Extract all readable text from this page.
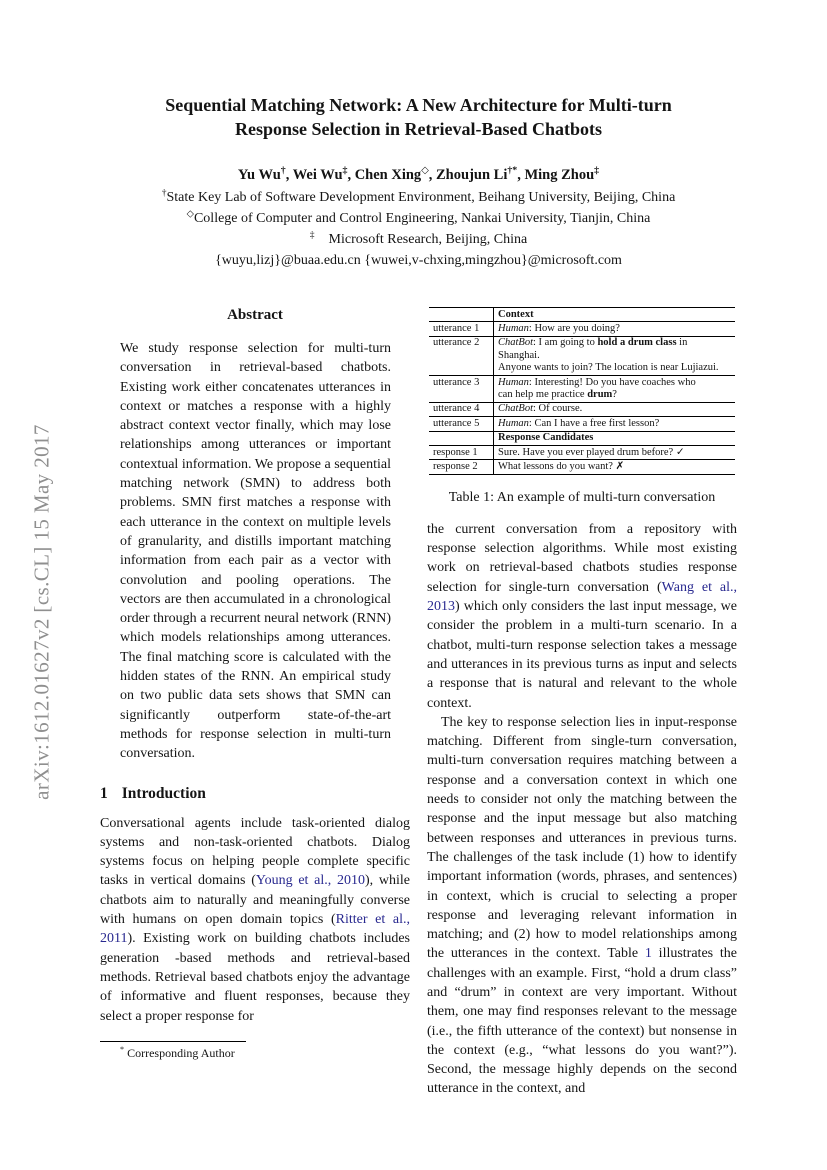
arXiv:1612.01627v2 [cs.CL] 15 May 2017
Sequential Matching Network: A New Architecture for Multi-turn
Response Selection in Retrieval-Based Chatbots
Yu Wu†, Wei Wu‡, Chen Xing◇, Zhoujun Li†*, Ming Zhou‡
†State Key Lab of Software Development Environment, Beihang University, Beijing, China
◇College of Computer and Control Engineering, Nankai University, Tianjin, China
‡    Microsoft Research, Beijing, China
{wuyu,lizj}@buaa.edu.cn {wuwei,v-chxing,mingzhou}@microsoft.com
Abstract

We study response selection for multi-turn conversation in retrieval-based chatbots. Existing work either concatenates utterances in context or matches a response with a highly abstract context vector finally, which may lose relationships among utterances or important contextual information. We propose a sequential matching network (SMN) to address both problems. SMN first matches a response with each utterance in the context on multiple levels of granularity, and distills important matching information from each pair as a vector with convolution and pooling operations. The vectors are then accumulated in a chronological order through a recurrent neural network (RNN) which models relationships among utterances. The final matching score is calculated with the hidden states of the RNN. An empirical study on two public data sets shows that SMN can significantly outperform state-of-the-art methods for response selection in multi-turn conversation.

1 Introduction

Conversational agents include task-oriented dialog systems and non-task-oriented chatbots. Dialog systems focus on helping people complete specific tasks in vertical domains (Young et al., 2010), while chatbots aim to naturally and meaningfully converse with humans on open domain topics (Ritter et al., 2011). Existing work on building chatbots includes generation -based methods and retrieval-based methods. Retrieval based chatbots enjoy the advantage of informative and fluent responses, because they select a proper response for

	Context
utterance 1	Human: How are you doing?
utterance 2	ChatBot: I am going to hold a drum class in Shanghai.
Anyone wants to join? The location is near Lujiazui.
utterance 3	Human: Interesting! Do you have coaches who
can help me practice drum?
utterance 4	ChatBot: Of course.
utterance 5	Human: Can I have a free first lesson?
	Response Candidates
response 1	Sure. Have you ever played drum before? ✓
response 2	What lessons do you want? ✗
Table 1: An example of multi-turn conversation

the current conversation from a repository with response selection algorithms. While most existing work on retrieval-based chatbots studies response selection for single-turn conversation (Wang et al., 2013) which only considers the last input message, we consider the problem in a multi-turn scenario. In a chatbot, multi-turn response selection takes a message and utterances in its previous turns as input and selects a response that is natural and relevant to the whole context.

The key to response selection lies in input-response matching. Different from single-turn conversation, multi-turn conversation requires matching between a response and a conversation context in which one needs to consider not only the matching between the response and the input message but also matching between responses and utterances in previous turns. The challenges of the task include (1) how to identify important information (words, phrases, and sentences) in context, which is crucial to selecting a proper response and leveraging relevant information in matching; and (2) how to model relationships among the utterances in the context. Table 1 illustrates the challenges with an example. First, “hold a drum class” and “drum” in context are very important. Without them, one may find responses relevant to the message (i.e., the fifth utterance of the context) but nonsense in the context (e.g., “what lessons do you want?”). Second, the message highly depends on the second utterance in the context, and

* Corresponding Author
